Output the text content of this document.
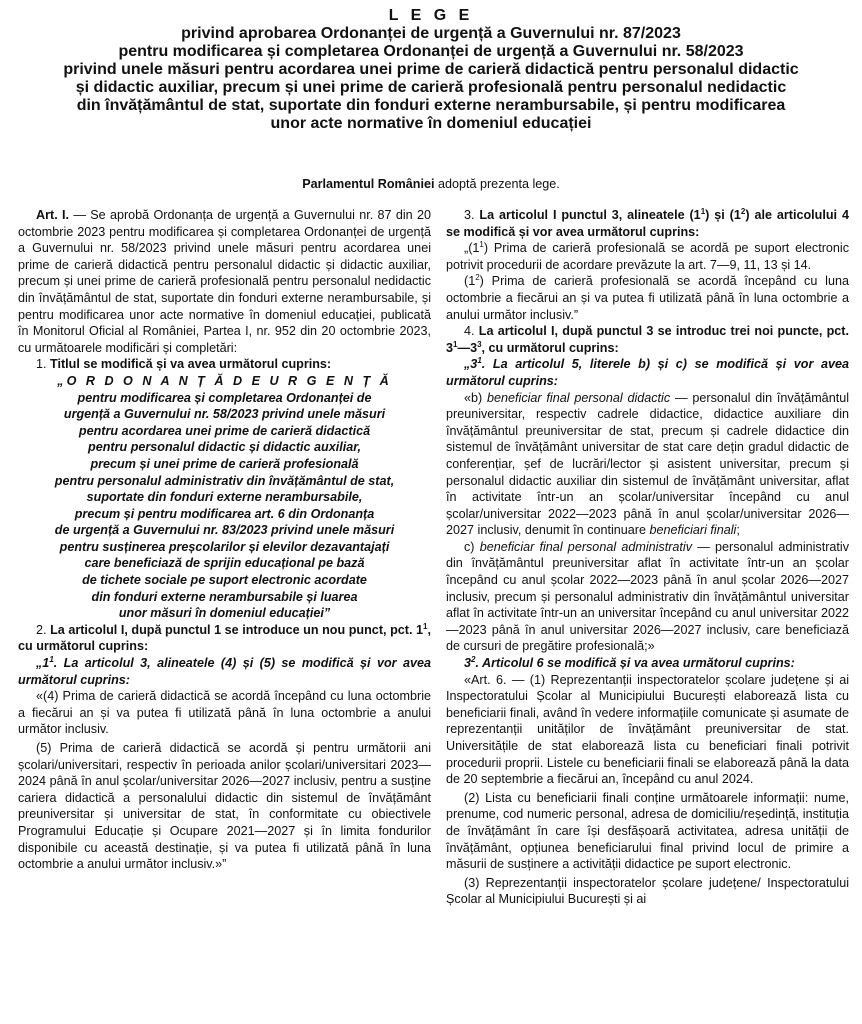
L E G E
privind aprobarea Ordonanței de urgență a Guvernului nr. 87/2023
pentru modificarea și completarea Ordonanței de urgență a Guvernului nr. 58/2023
privind unele măsuri pentru acordarea unei prime de carieră didactică pentru personalul didactic
și didactic auxiliar, precum și unei prime de carieră profesională pentru personalul nedidactic
din învățământul de stat, suportate din fonduri externe nerambursabile, și pentru modificarea
unor acte normative în domeniul educației
Parlamentul României adoptă prezenta lege.

Art. I. — Se aprobă Ordonanța de urgență a Guvernului nr. 87 din 20 octombrie 2023 pentru modificarea și completarea Ordonanței de urgență a Guvernului nr. 58/2023 privind unele măsuri pentru acordarea unei prime de carieră didactică pentru personalul didactic și didactic auxiliar, precum și unei prime de carieră profesională pentru personalul nedidactic din învățământul de stat, suportate din fonduri externe nerambursabile, și pentru modificarea unor acte normative în domeniul educației, publicată în Monitorul Oficial al României, Partea I, nr. 952 din 20 octombrie 2023, cu următoarele modificări și completări:

1. Titlul se modifică și va avea următorul cuprins:

„O R D O N A N Ț Ă D E U R G E N Ț Ă

pentru modificarea și completarea Ordonanței de

urgență a Guvernului nr. 58/2023 privind unele măsuri

pentru acordarea unei prime de carieră didactică

pentru personalul didactic și didactic auxiliar,

precum și unei prime de carieră profesională

pentru personalul administrativ din învățământul de stat,

suportate din fonduri externe nerambursabile,

precum și pentru modificarea art. 6 din Ordonanța

de urgență a Guvernului nr. 83/2023 privind unele măsuri

pentru susținerea preșcolarilor și elevilor dezavantajați

care beneficiază de sprijin educațional pe bază

de tichete sociale pe suport electronic acordate

din fonduri externe nerambursabile și luarea

unor măsuri în domeniul educației”

2. La articolul I, după punctul 1 se introduce un nou punct, pct. $1^1$, cu următorul cuprins:

$„1^1$. La articolul 3, alineatele (4) și (5) se modifică și vor avea următorul cuprins:

«(4) Prima de carieră didactică se acordă începând cu luna octombrie a fiecărui an și va putea fi utilizată până în luna octombrie a anului următor inclusiv.

(5) Prima de carieră didactică se acordă și pentru următorii ani școlari/universitari, respectiv în perioada anilor școlari/universitari 2023—2024 până în anul școlar/universitar 2026—2027 inclusiv, pentru a susține cariera didactică a personalului didactic din sistemul de învățământ preuniversitar și universitar de stat, în conformitate cu obiectivele Programului Educație și Ocupare 2021—2027 și în limita fondurilor disponibile cu această destinație, și va putea fi utilizată până în luna octombrie a anului următor inclusiv.»”

3. La articolul I punctul 3, alineatele $(1^1)$ și $(1^2)$ ale articolului 4 se modifică și vor avea următorul cuprins:

$„(1^1)$ Prima de carieră profesională se acordă pe suport electronic potrivit procedurii de acordare prevăzute la art. 7—9, 11, 13 și 14.

$(1^2)$ Prima de carieră profesională se acordă începând cu luna octombrie a fiecărui an și va putea fi utilizată până în luna octombrie a anului următor inclusiv.”

4. La articolul I, după punctul 3 se introduc trei noi puncte, pct. $3^1—3^3$, cu următorul cuprins:

$„3^1$. La articolul 5, literele b) și c) se modifică și vor avea următorul cuprins:

«b) beneficiar final personal didactic — personalul din învățământul preuniversitar, respectiv cadrele didactice, didactice auxiliare din învățământul preuniversitar de stat, precum și cadrele didactice din sistemul de învățământ universitar de stat care dețin gradul didactic de conferențiar, șef de lucrări/lector și asistent universitar, precum și personalul didactic auxiliar din sistemul de învățământ universitar, aflat în activitate într-un an școlar/universitar începând cu anul școlar/universitar 2022—2023 până în anul școlar/universitar 2026—2027 inclusiv, denumit în continuare beneficiari finali;

c) beneficiar final personal administrativ — personalul administrativ din învățământul preuniversitar aflat în activitate într-un an școlar începând cu anul școlar 2022—2023 până în anul școlar 2026—2027 inclusiv, precum și personalul administrativ din învățământul universitar aflat în activitate într-un an universitar începând cu anul universitar 2022—2023 până în anul universitar 2026—2027 inclusiv, care beneficiază de cursuri de pregătire profesională;»

$3^2$. Articolul 6 se modifică și va avea următorul cuprins:

«Art. 6. — (1) Reprezentanții inspectoratelor școlare județene și ai Inspectoratului Școlar al Municipiului București elaborează lista cu beneficiarii finali, având în vedere informațiile comunicate și asumate de reprezentanții unităților de învățământ preuniversitar de stat. Universitățile de stat elaborează lista cu beneficiari finali potrivit procedurii proprii. Listele cu beneficiarii finali se elaborează până la data de 20 septembrie a fiecărui an, începând cu anul 2024.

(2) Lista cu beneficiarii finali conține următoarele informații: nume, prenume, cod numeric personal, adresa de domiciliu/reședință, instituția de învățământ în care își desfășoară activitatea, adresa unității de învățământ, opțiunea beneficiarului final privind locul de primire a măsurii de susținere a activității didactice pe suport electronic.

(3) Reprezentanții inspectoratelor școlare județene/ Inspectoratului Școlar al Municipiului București și ai
